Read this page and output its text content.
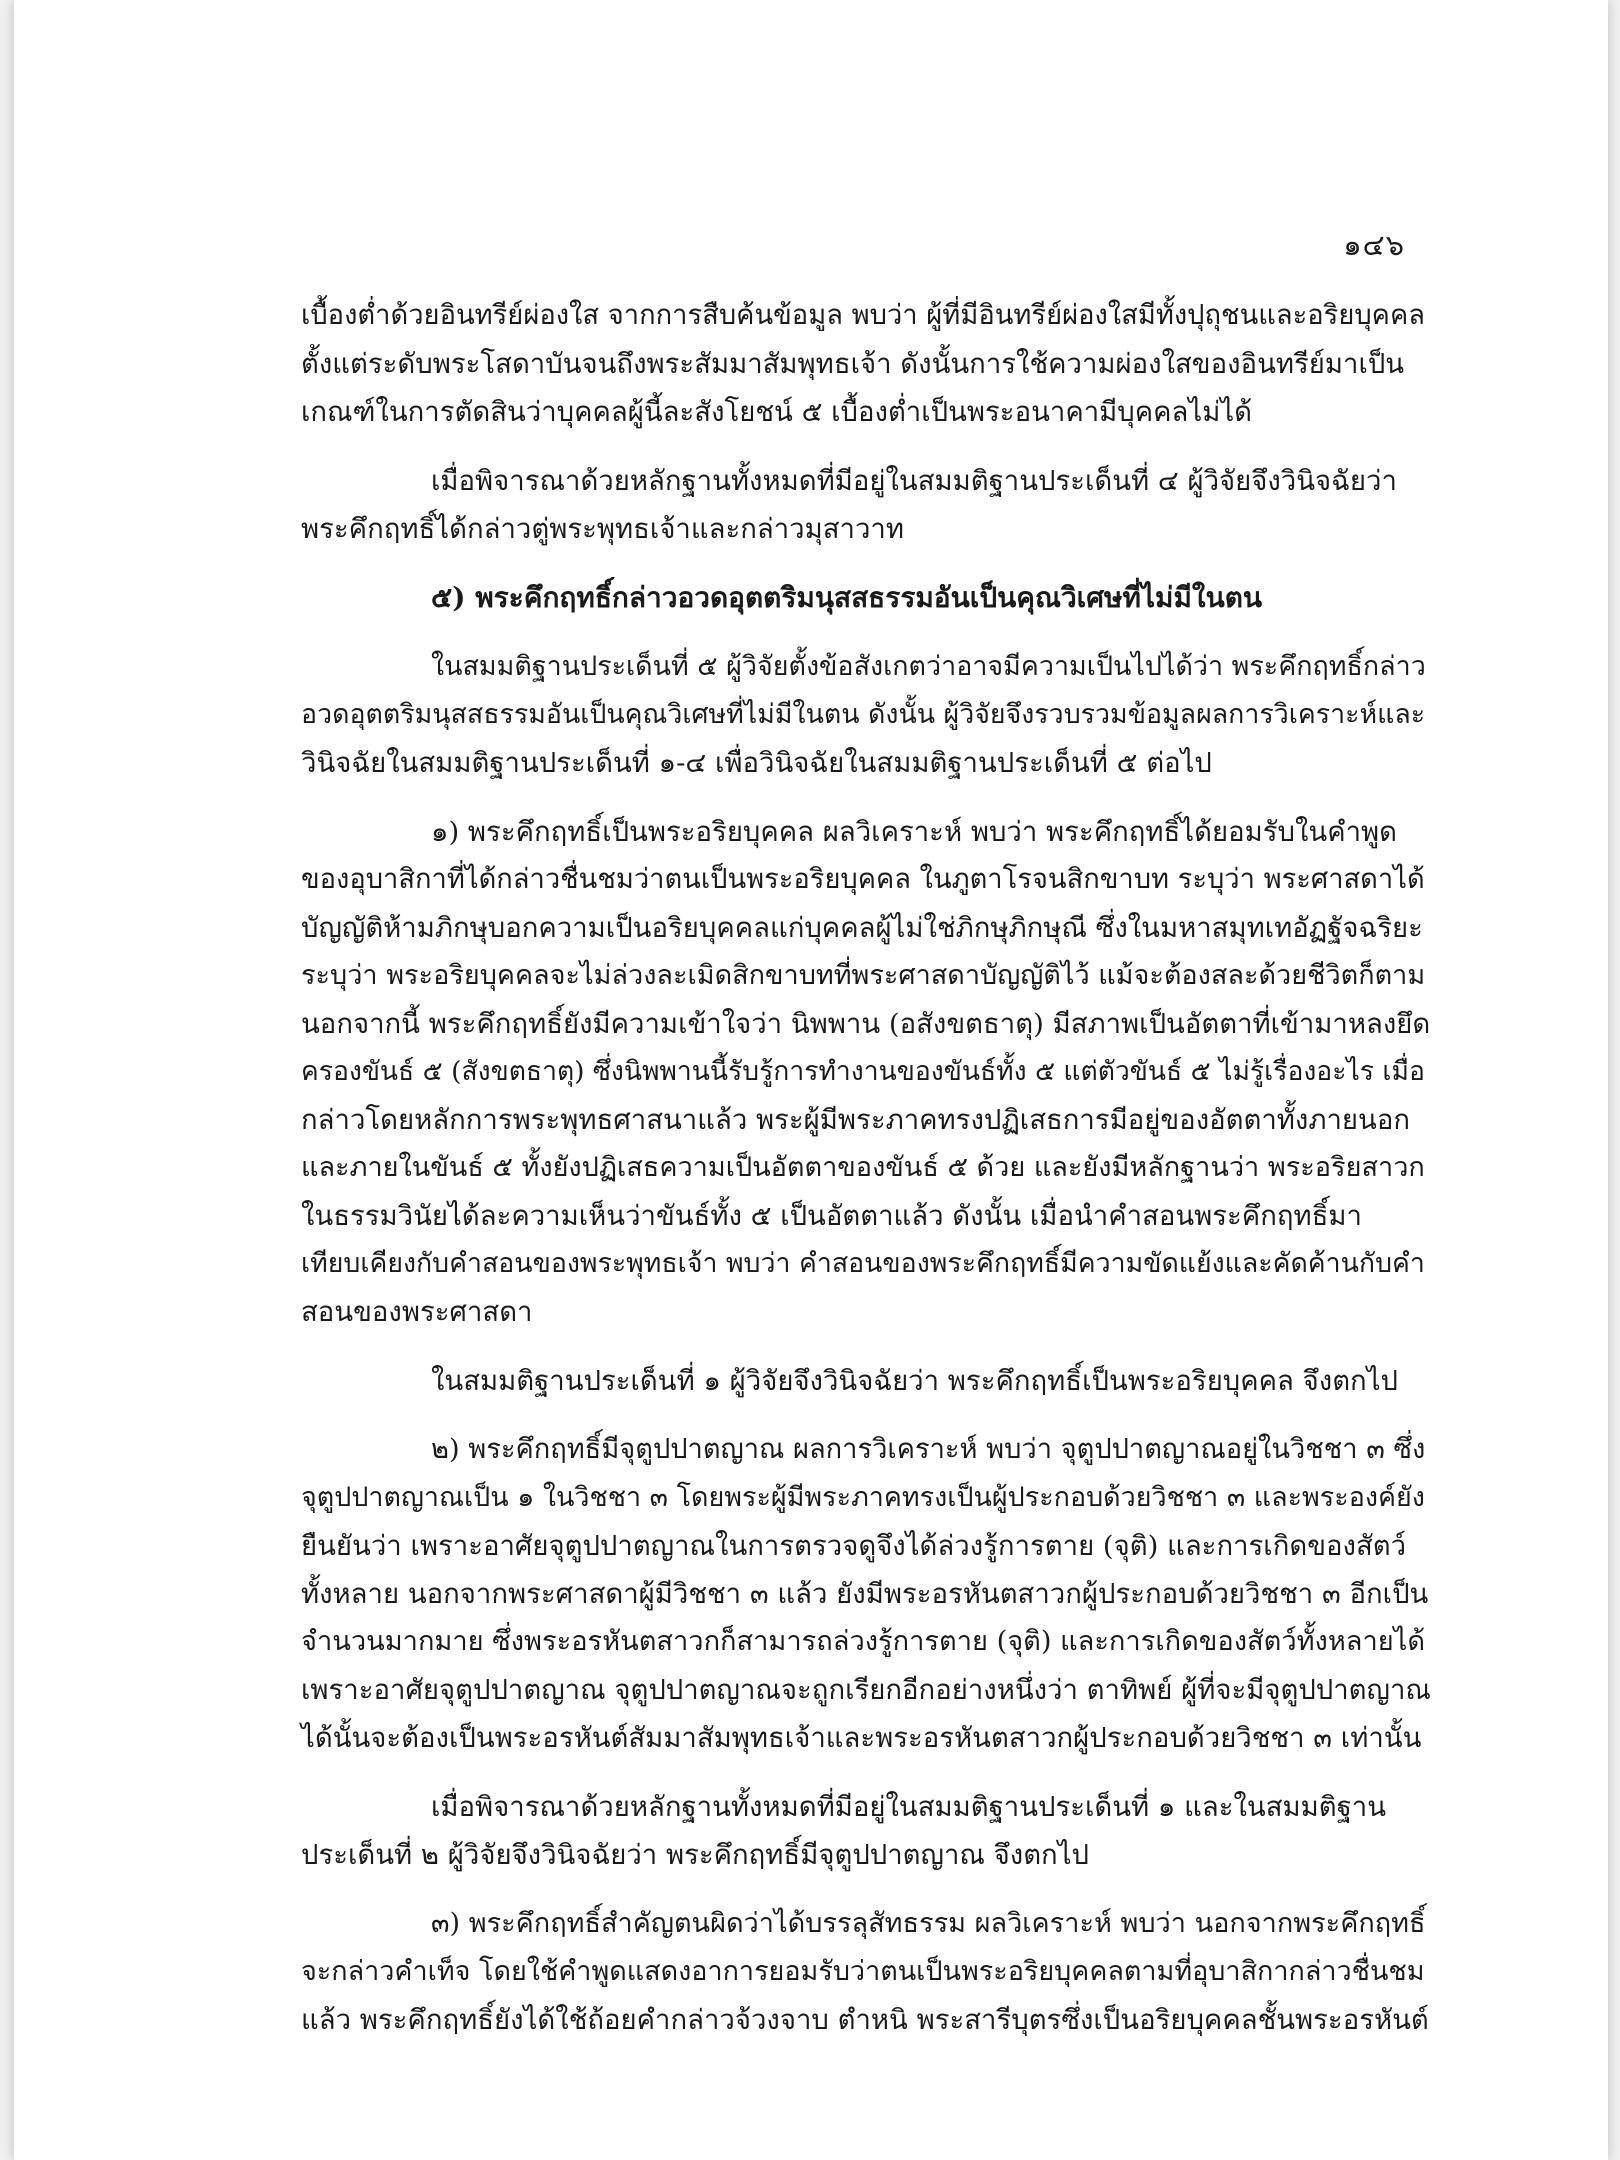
๑๔๖
เบื้องต่ำด้วยอินทรีย์ผ่องใส จากการสืบค้นข้อมูล พบว่า ผู้ที่มีอินทรีย์ผ่องใสมีทั้งปุถุชนและอริยบุคคล
ตั้งแต่ระดับพระโสดาบันจนถึงพระสัมมาสัมพุทธเจ้า ดังนั้นการใช้ความผ่องใสของอินทรีย์มาเป็น
เกณฑ์ในการตัดสินว่าบุคคลผู้นี้ละสังโยชน์ ๕ เบื้องต่ำเป็นพระอนาคามีบุคคลไม่ได้
เมื่อพิจารณาด้วยหลักฐานทั้งหมดที่มีอยู่ในสมมติฐานประเด็นที่ ๔ ผู้วิจัยจึงวินิจฉัยว่า
พระคึกฤทธิ์ได้กล่าวตู่พระพุทธเจ้าและกล่าวมุสาวาท
๕) พระคึกฤทธิ์กล่าวอวดอุตตริมนุสสธรรมอันเป็นคุณวิเศษที่ไม่มีในตน
ในสมมติฐานประเด็นที่ ๕ ผู้วิจัยตั้งข้อสังเกตว่าอาจมีความเป็นไปได้ว่า พระคึกฤทธิ์กล่าว
อวดอุตตริมนุสสธรรมอันเป็นคุณวิเศษที่ไม่มีในตน ดังนั้น ผู้วิจัยจึงรวบรวมข้อมูลผลการวิเคราะห์และ
วินิจฉัยในสมมติฐานประเด็นที่ ๑-๔ เพื่อวินิจฉัยในสมมติฐานประเด็นที่ ๕ ต่อไป
๑) พระคึกฤทธิ์เป็นพระอริยบุคคล ผลวิเคราะห์ พบว่า พระคึกฤทธิ์ได้ยอมรับในคำพูด
ของอุบาสิกาที่ได้กล่าวชื่นชมว่าตนเป็นพระอริยบุคคล ในภูตาโรจนสิกขาบท ระบุว่า พระศาสดาได้
บัญญัติห้ามภิกษุบอกความเป็นอริยบุคคลแก่บุคคลผู้ไม่ใช่ภิกษุภิกษุณี ซึ่งในมหาสมุทเทอัฏฐัจฉริยะ
ระบุว่า พระอริยบุคคลจะไม่ล่วงละเมิดสิกขาบทที่พระศาสดาบัญญัติไว้ แม้จะต้องสละด้วยชีวิตก็ตาม
นอกจากนี้ พระคึกฤทธิ์ยังมีความเข้าใจว่า นิพพาน (อสังขตธาตุ) มีสภาพเป็นอัตตาที่เข้ามาหลงยึด
ครองขันธ์ ๕ (สังขตธาตุ) ซึ่งนิพพานนี้รับรู้การทำงานของขันธ์ทั้ง ๕ แต่ตัวขันธ์ ๕ ไม่รู้เรื่องอะไร เมื่อ
กล่าวโดยหลักการพระพุทธศาสนาแล้ว พระผู้มีพระภาคทรงปฏิเสธการมีอยู่ของอัตตาทั้งภายนอก
และภายในขันธ์ ๕ ทั้งยังปฏิเสธความเป็นอัตตาของขันธ์ ๕ ด้วย และยังมีหลักฐานว่า พระอริยสาวก
ในธรรมวินัยได้ละความเห็นว่าขันธ์ทั้ง ๕ เป็นอัตตาแล้ว ดังนั้น เมื่อนำคำสอนพระคึกฤทธิ์มา
เทียบเคียงกับคำสอนของพระพุทธเจ้า พบว่า คำสอนของพระคึกฤทธิ์มีความขัดแย้งและคัดค้านกับคำ
สอนของพระศาสดา
ในสมมติฐานประเด็นที่ ๑ ผู้วิจัยจึงวินิจฉัยว่า พระคึกฤทธิ์เป็นพระอริยบุคคล จึงตกไป
๒) พระคึกฤทธิ์มีจุตูปปาตญาณ ผลการวิเคราะห์ พบว่า จุตูปปาตญาณอยู่ในวิชชา ๓ ซึ่ง
จุตูปปาตญาณเป็น ๑ ในวิชชา ๓ โดยพระผู้มีพระภาคทรงเป็นผู้ประกอบด้วยวิชชา ๓ และพระองค์ยัง
ยืนยันว่า เพราะอาศัยจุตูปปาตญาณในการตรวจดูจึงได้ล่วงรู้การตาย (จุติ) และการเกิดของสัตว์
ทั้งหลาย นอกจากพระศาสดาผู้มีวิชชา ๓ แล้ว ยังมีพระอรหันตสาวกผู้ประกอบด้วยวิชชา ๓ อีกเป็น
จำนวนมากมาย ซึ่งพระอรหันตสาวกก็สามารถล่วงรู้การตาย (จุติ) และการเกิดของสัตว์ทั้งหลายได้
เพราะอาศัยจุตูปปาตญาณ จุตูปปาตญาณจะถูกเรียกอีกอย่างหนึ่งว่า ตาทิพย์ ผู้ที่จะมีจุตูปปาตญาณ
ได้นั้นจะต้องเป็นพระอรหันต์สัมมาสัมพุทธเจ้าและพระอรหันตสาวกผู้ประกอบด้วยวิชชา ๓ เท่านั้น
เมื่อพิจารณาด้วยหลักฐานทั้งหมดที่มีอยู่ในสมมติฐานประเด็นที่ ๑ และในสมมติฐาน
ประเด็นที่ ๒ ผู้วิจัยจึงวินิจฉัยว่า พระคึกฤทธิ์มีจุตูปปาตญาณ จึงตกไป
๓) พระคึกฤทธิ์สำคัญตนผิดว่าได้บรรลุสัทธรรม ผลวิเคราะห์ พบว่า นอกจากพระคึกฤทธิ์
จะกล่าวคำเท็จ โดยใช้คำพูดแสดงอาการยอมรับว่าตนเป็นพระอริยบุคคลตามที่อุบาสิกากล่าวชื่นชม
แล้ว พระคึกฤทธิ์ยังได้ใช้ถ้อยคำกล่าวจ้วงจาบ ตำหนิ พระสารีบุตรซึ่งเป็นอริยบุคคลชั้นพระอรหันต์
